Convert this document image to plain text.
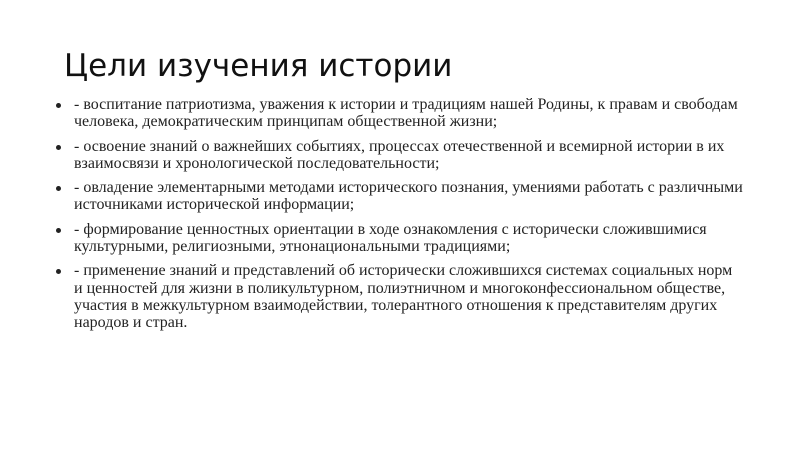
Цели изучения истории
- воспитание патриотизма, уважения к истории и традициям нашей Родины, к правам и свободам человека, демократическим принципам общественной жизни;
- освоение знаний о важнейших событиях, процессах отечественной и всемирной истории в их взаимосвязи и хронологической последовательности;
- овладение элементарными методами исторического познания, умениями работать с различными источниками исторической информации;
- формирование ценностных ориентации в ходе ознакомления с исторически сложившимися культурными, религиозными, этнонациональными традициями;
- применение знаний и представлений об исторически сложившихся системах социальных норм и ценностей для жизни в поликультурном, полиэтничном и многоконфессиональном обществе, участия в межкультурном взаимодействии, толерантного отношения к представителям других народов и стран.
